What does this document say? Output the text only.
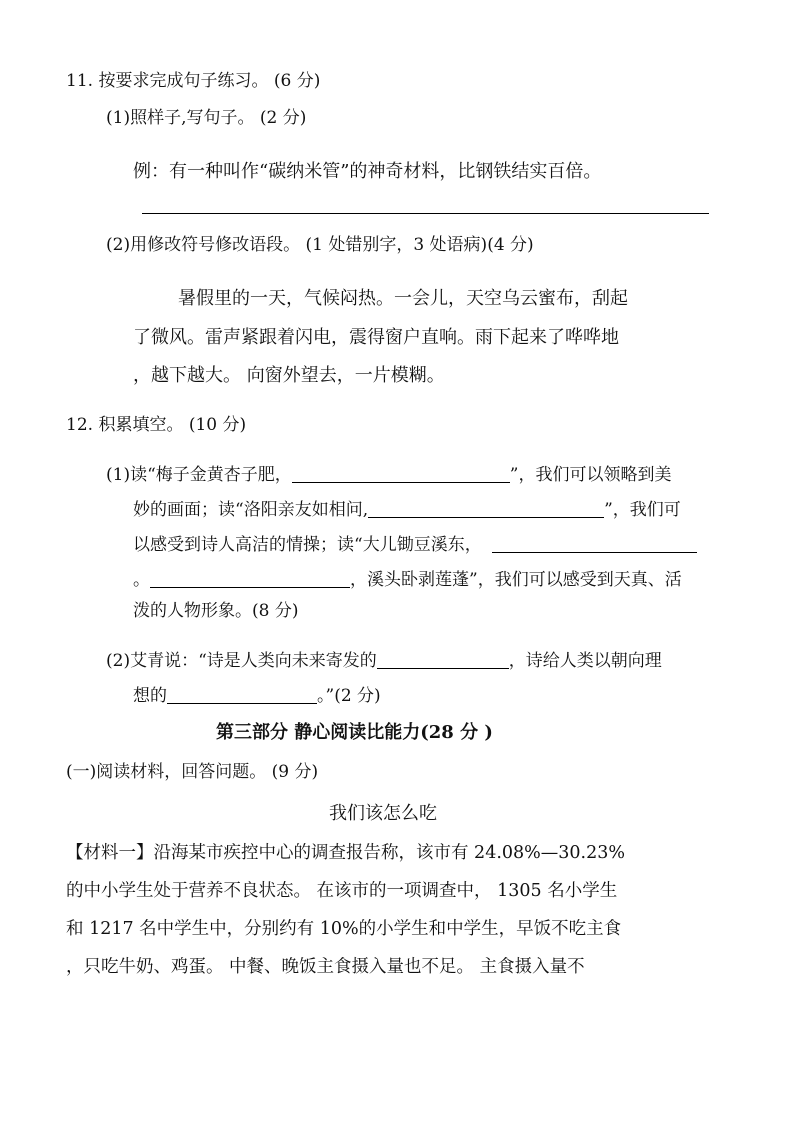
11. 按要求完成句子练习。 (6 分)
(1)照样子,写句子。 (2 分)
例：有一种叫作“碳纳米管”的神奇材料，比钢铁结实百倍。
(2)用修改符号修改语段。 (1 处错别字，3 处语病)(4 分)
暑假里的一天，气候闷热。一会儿，天空乌云蜜布，刮起
了微风。雷声紧跟着闪电，震得窗户直响。雨下起来了哗哗地
，越下越大。 向窗外望去，一片模糊。
12. 积累填空。 (10 分)
(1)读“梅子金黄杏子肥，	”，我们可以领略到美
妙的画面；读“洛阳亲友如相问,	”，我们可
以感受到诗人高洁的情操；读“大儿锄豆溪东，
。	，溪头卧剥莲蓬”，我们可以感受到天真、活
泼的人物形象。(8 分)
(2)艾青说：“诗是人类向未来寄发的	，诗给人类以朝向理
想的	。”(2 分)
第三部分 静心阅读比能力(28 分 )
(一)阅读材料，回答问题。 (9 分)
我们该怎么吃
【材料一】沿海某市疾控中心的调查报告称，该市有 24.08%—30.23%
的中小学生处于营养不良状态。 在该市的一项调查中， 1305 名小学生
和 1217 名中学生中，分别约有 10%的小学生和中学生，早饭不吃主食
，只吃牛奶、鸡蛋。 中餐、晚饭主食摄入量也不足。 主食摄入量不
